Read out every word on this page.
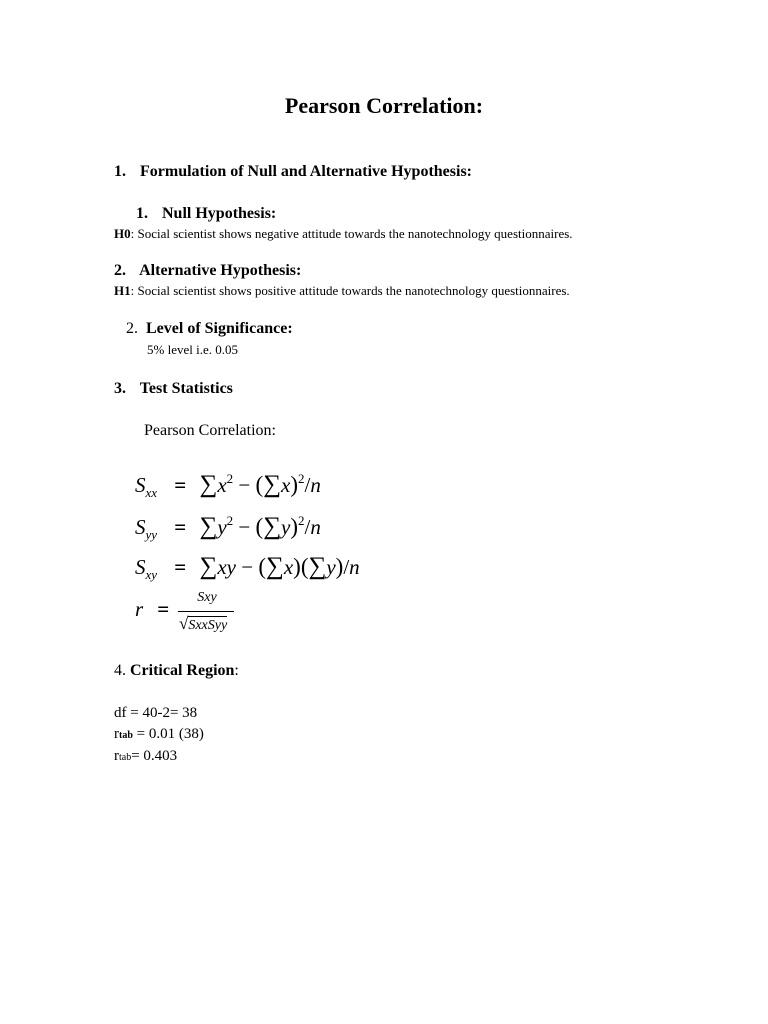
Pearson Correlation:
1. Formulation of Null and Alternative Hypothesis:
1. Null Hypothesis:
H0: Social scientist shows negative attitude towards the nanotechnology questionnaires.
2. Alternative Hypothesis:
H1: Social scientist shows positive attitude towards the nanotechnology questionnaires.
2. Level of Significance:
5% level i.e. 0.05
3. Test Statistics
Pearson Correlation:
$S_{xx} = \sum x^2 - (\sum x)^2/n$
$S_{yy} = \sum y^2 - (\sum y)^2/n$
$S_{xy} = \sum xy - (\sum x)(\sum y)/n$
r =	Sxy
√SxxSyy
4. Critical Region:
df = 40-2= 38
rtab = 0.01 (38)
rtab= 0.403
